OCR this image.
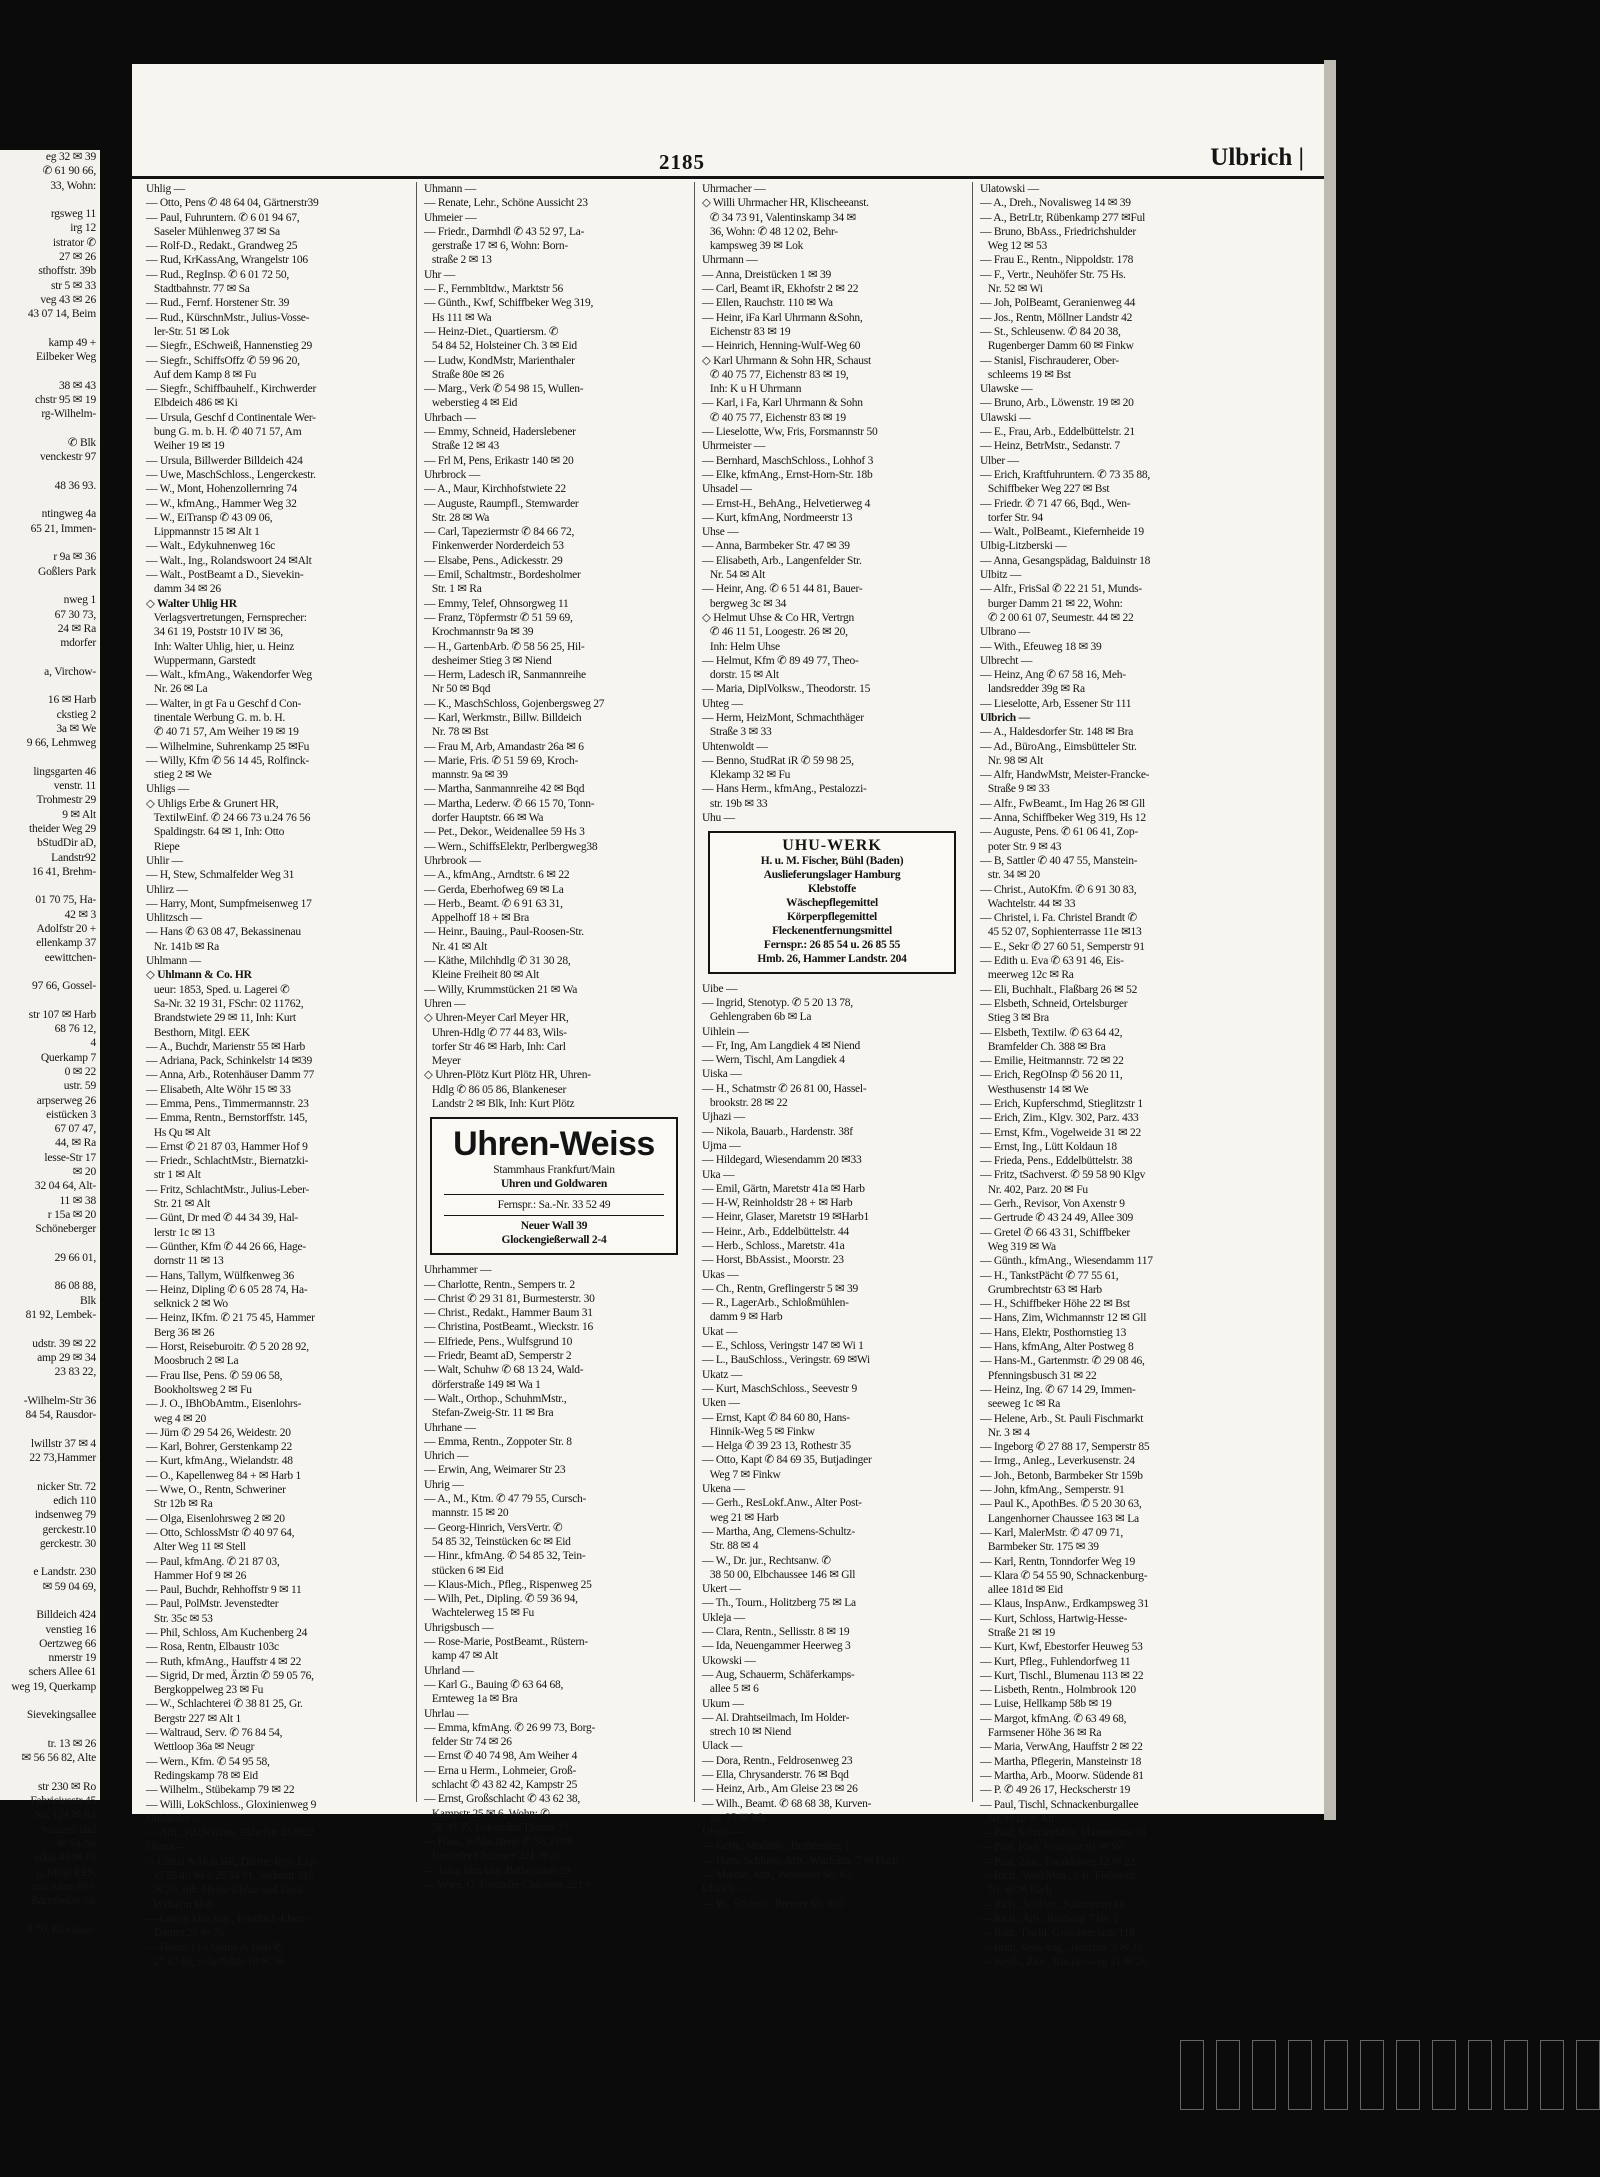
eg 32 ✉ 39
✆ 61 90 66,
33, Wohn:

rgsweg 11
irg 12
istrator ✆
27 ✉ 26
sthoffstr. 39b
str 5 ✉ 33
veg 43 ✉ 26
43 07 14, Beim

kamp 49 +
Eilbeker Weg

38 ✉ 43
chstr 95 ✉ 19
rg-Wilhelm-

✆ Blk
venckestr 97

48 36 93.

ntingweg 4a
65 21, Immen-

r 9a ✉ 36
Goßlers Park

nweg 1
67 30 73,
24 ✉ Ra
mdorfer

a, Virchow-

16 ✉ Harb
ckstieg 2
3a ✉ We
9 66, Lehmweg

lingsgarten 46
venstr. 11
Trohmestr 29
9 ✉ Alt
theider Weg 29
bStudDir aD,
Landstr92
16 41, Brehm-

01 70 75, Ha-
42 ✉ 3
Adolfstr 20 +
ellenkamp 37
eewittchen-

97 66, Gossel-

str 107 ✉ Harb
68 76 12,
4
Querkamp 7
0 ✉ 22
ustr. 59
arpserweg 26
eistücken 3
67 07 47,
44, ✉ Ra
lesse-Str 17
✉ 20
32 04 64, Alt-
11 ✉ 38
r 15a ✉ 20
Schöneberger

29 66 01,

86 08 88,
Blk
81 92, Lembek-

udstr. 39 ✉ 22
amp 29 ✉ 34
23 83 22,

-Wilhelm-Str 36
84 54, Rausdor-

lwillstr 37 ✉ 4
22 73,Hammer

nicker Str. 72
edich 110
indsenweg 79
gerckestr.10
gerckestr. 30

e Landstr. 230
✉ 59 04 69,

Billdeich 424
venstieg 16
Oertzweg 66
nmerstr 19
schers Allee 61
weg 19, Querkamp

Sievekingsallee

tr. 13 ✉ 26
✉ 56 56 82, Alte

str 230 ✉ Ro
Fabriciusstr 45
Str. 124 ✉ Ra
Stauerei und
✉ Sa-Nr
orkat 43 ✉ 19
g, Mitgl EEK
ens Allee 49 +
Barmbeker Str

8 70, Elbchaus-
2185	Ulbrich |
Uhlig —
— Otto, Pens ✆ 48 64 04, Gärtnerstr39
— Paul, Fuhruntern. ✆ 6 01 94 67,
Saseler Mühlenweg 37 ✉ Sa
— Rolf-D., Redakt., Grandweg 25
— Rud, KrKassAng, Wrangelstr 106
— Rud., RegInsp. ✆ 6 01 72 50,
Stadtbahnstr. 77 ✉ Sa
— Rud., Fernf. Horstener Str. 39
— Rud., KürschnMstr., Julius-Vosse-
ler-Str. 51 ✉ Lok
— Siegfr., ESchweiß, Hannenstieg 29
— Siegfr., SchiffsOffz ✆ 59 96 20,
Auf dem Kamp 8 ✉ Fu
— Siegfr., Schiffbauhelf., Kirchwerder
Elbdeich 486 ✉ Ki
— Ursula, Geschf d Continentale Wer-
bung G. m. b. H. ✆ 40 71 57, Am
Weiher 19 ✉ 19
— Ursula, Billwerder Billdeich 424
— Uwe, MaschSchloss., Lengerckestr.
— W., Mont, Hohenzollernring 74
— W., kfmAng., Hammer Weg 32
— W., EiTransp ✆ 43 09 06,
Lippmannstr 15 ✉ Alt 1
— Walt., Edykuhnenweg 16c
— Walt., Ing., Rolandswoort 24 ✉Alt
— Walt., PostBeamt a D., Sievekin-
damm 34 ✉ 26
◇ Walter Uhlig HR
Verlagsvertretungen, Fernsprecher:
34 61 19, Poststr 10 IV ✉ 36,
Inh: Walter Uhlig, hier, u. Heinz
Wuppermann, Garstedt
— Walt., kfmAng., Wakendorfer Weg
Nr. 26 ✉ La
— Walter, in gt Fa u Geschf d Con-
tinentale Werbung G. m. b. H.
✆ 40 71 57, Am Weiher 19 ✉ 19
— Wilhelmine, Suhrenkamp 25 ✉Fu
— Willy, Kfm ✆ 56 14 45, Rolfinck-
stieg 2 ✉ We
Uhligs —
◇ Uhligs Erbe & Grunert HR,
TextilwEinf. ✆ 24 66 73 u.24 76 56
Spaldingstr. 64 ✉ 1, Inh: Otto
Riepe
Uhlir —
— H, Stew, Schmalfelder Weg 31
Uhlirz —
— Harry, Mont, Sumpfmeisenweg 17
Uhlitzsch —
— Hans ✆ 63 08 47, Bekassinenau
Nr. 141b ✉ Ra
Uhlmann —
◇ Uhlmann & Co. HR
ueur: 1853, Sped. u. Lagerei ✆
Sa-Nr. 32 19 31, FSchr: 02 11762,
Brandstwiete 29 ✉ 11, Inh: Kurt
Besthorn, Mitgl. EEK
— A., Buchdr, Marienstr 55 ✉ Harb
— Adriana, Pack, Schinkelstr 14 ✉39
— Anna, Arb., Rotenhäuser Damm 77
— Elisabeth, Alte Wöhr 15 ✉ 33
— Emma, Pens., Timmermannstr. 23
— Emma, Rentn., Bernstorffstr. 145,
Hs Qu ✉ Alt
— Ernst ✆ 21 87 03, Hammer Hof 9
— Friedr., SchlachtMstr., Biernatzki-
str 1 ✉ Alt
— Fritz, SchlachtMstr., Julius-Leber-
Str. 21 ✉ Alt
— Günt, Dr med ✆ 44 34 39, Hal-
lerstr 1c ✉ 13
— Günther, Kfm ✆ 44 26 66, Hage-
dornstr 11 ✉ 13
— Hans, Tallym, Wülfkenweg 36
— Heinz, Dipling ✆ 6 05 28 74, Ha-
selknick 2 ✉ Wo
— Heinz, IKfm. ✆ 21 75 45, Hammer
Berg 36 ✉ 26
— Horst, Reiseburoitr. ✆ 5 20 28 92,
Moosbruch 2 ✉ La
— Frau Ilse, Pens. ✆ 59 06 58,
Bookholtsweg 2 ✉ Fu
— J. O., IBhObAmtm., Eisenlohrs-
weg 4 ✉ 20
— Jürn ✆ 29 54 26, Weidestr. 20
— Karl, Bohrer, Gerstenkamp 22
— Kurt, kfmAng., Wielandstr. 48
— O., Kapellenweg 84 + ✉ Harb 1
— Wwe, O., Rentn, Schweriner
Str 12b ✉ Ra
— Olga, Eisenlohrsweg 2 ✉ 20
— Otto, SchlossMstr ✆ 40 97 64,
Alter Weg 11 ✉ Stell
— Paul, kfmAng. ✆ 21 87 03,
Hammer Hof 9 ✉ 26
— Paul, Buchdr, Rehhoffstr 9 ✉ 11
— Paul, PolMstr. Jevenstedter
Str. 35c ✉ 53
— Phil, Schloss, Am Kuchenberg 24
— Rosa, Rentn, Elbaustr 103c
— Ruth, kfmAng., Hauffstr 4 ✉ 22
— Sigrid, Dr med, Ärztin ✆ 59 05 76,
Bergkoppelweg 23 ✉ Fu
— W., Schlachterei ✆ 38 81 25, Gr.
Bergstr 227 ✉ Alt 1
— Waltraud, Serv. ✆ 76 84 54,
Wettloop 36a ✉ Neugr
— Wern., Kfm. ✆ 54 95 58,
Redingskamp 78 ✉ Eid
— Wilhelm., Stübekamp 79 ✉ 22
— Willi, LokSchloss., Gloxinienweg 9
Uhlshöfer —
— Alfr., KfzSchloss, Ekhofstr 43 ✉22
Uhma —
◇ Uhma & Hoh HR, Därme-Imp. Exp.
✆ 25 40 94 u 25 34 91, Süderstr 315
✉ 26, Inh: Heinz Uhma und Ernst
Wilhelm Hoh
— Georg, kfmAng., Friedrich-Ebert-
Damm 26 ✉ 70
— Heinz, i Fa Uhma & Hoh ✆
27 87 69, Scheffelstr 10 ✉ 39
Uhmann —
— Renate, Lehr., Schöne Aussicht 23
Uhmeier —
— Friedr., Darmhdl ✆ 43 52 97, La-
gerstraße 17 ✉ 6, Wohn: Born-
straße 2 ✉ 13
Uhr —
— F., Fernmbltdw., Marktstr 56
— Günth., Kwf, Schiffbeker Weg 319,
Hs 111 ✉ Wa
— Heinz-Diet., Quartiersm. ✆
54 84 52, Holsteiner Ch. 3 ✉ Eid
— Ludw, KondMstr, Marienthaler
Straße 80e ✉ 26
— Marg., Verk ✆ 54 98 15, Wullen-
weberstieg 4 ✉ Eid
Uhrbach —
— Emmy, Schneid, Haderslebener
Straße 12 ✉ 43
— Frl M, Pens, Erikastr 140 ✉ 20
Uhrbrock —
— A., Maur, Kirchhofstwiete 22
— Auguste, Raumpfl., Stemwarder
Str. 28 ✉ Wa
— Carl, Tapeziermstr ✆ 84 66 72,
Finkenwerder Norderdeich 53
— Elsabe, Pens., Adickesstr. 29
— Emil, Schaltmstr., Bordesholmer
Str. 1 ✉ Ra
— Emmy, Telef, Ohnsorgweg 11
— Franz, Töpfermstr ✆ 51 59 69,
Krochmannstr 9a ✉ 39
— H., GartenbArb. ✆ 58 56 25, Hil-
desheimer Stieg 3 ✉ Niend
— Herm, Ladesch iR, Sanmannreihe
Nr 50 ✉ Bqd
— K., MaschSchloss, Gojenbergsweg 27
— Karl, Werkmstr., Billw. Billdeich
Nr. 78 ✉ Bst
— Frau M, Arb, Amandastr 26a ✉ 6
— Marie, Fris. ✆ 51 59 69, Kroch-
mannstr. 9a ✉ 39
— Martha, Sanmannreihe 42 ✉ Bqd
— Martha, Lederw. ✆ 66 15 70, Tonn-
dorfer Hauptstr. 66 ✉ Wa
— Pet., Dekor., Weidenallee 59 Hs 3
— Wern., SchiffsElektr, Perlbergweg38
Uhrbrook —
— A., kfmAng., Arndtstr. 6 ✉ 22
— Gerda, Eberhofweg 69 ✉ La
— Herb., Beamt. ✆ 6 91 63 31,
Appelhoff 18 + ✉ Bra
— Heinr., Bauing., Paul-Roosen-Str.
Nr. 41 ✉ Alt
— Käthe, Milchhdlg ✆ 31 30 28,
Kleine Freiheit 80 ✉ Alt
— Willy, Krummstücken 21 ✉ Wa
Uhren —
◇ Uhren-Meyer Carl Meyer HR,
Uhren-Hdlg ✆ 77 44 83, Wils-
torfer Str 46 ✉ Harb, Inh: Carl
Meyer
◇ Uhren-Plötz Kurt Plötz HR, Uhren-
Hdlg ✆ 86 05 86, Blankeneser
Landstr 2 ✉ Blk, Inh: Kurt Plötz
Uhren-Weiss
Stammhaus Frankfurt/Main
Uhren und Goldwaren
Fernspr.: Sa.-Nr. 33 52 49
Neuer Wall 39
Glockengießerwall 2-4
Uhrhammer —
— Charlotte, Rentn., Sempers tr. 2
— Christ ✆ 29 31 81, Burmesterstr. 30
— Christ., Redakt., Hammer Baum 31
— Christina, PostBeamt., Wieckstr. 16
— Elfriede, Pens., Wulfsgrund 10
— Friedr, Beamt aD, Semperstr 2
— Walt, Schuhw ✆ 68 13 24, Wald-
dörferstraße 149 ✉ Wa 1
— Walt., Orthop., SchuhmMstr.,
Stefan-Zweig-Str. 11 ✉ Bra
Uhrhane —
— Emma, Rentn., Zoppoter Str. 8
Uhrich —
— Erwin, Ang, Weimarer Str 23
Uhrig —
— A., M., Ktm. ✆ 47 79 55, Cursch-
mannstr. 15 ✉ 20
— Georg-Hinrich, VersVertr. ✆
54 85 32, Teinstücken 6c ✉ Eid
— Hinr., kfmAng. ✆ 54 85 32, Tein-
stücken 6 ✉ Eid
— Klaus-Mich., Pfleg., Rispenweg 25
— Wilh, Pet., Dipling. ✆ 59 36 94,
Wachtelerweg 15 ✉ Fu
Uhrigsbusch —
— Rose-Marie, PostBeamt., Rüstern-
kamp 47 ✉ Alt
Uhrland —
— Karl G., Bauing ✆ 63 64 68,
Ernteweg 1a ✉ Bra
Uhrlau —
— Emma, kfmAng. ✆ 26 99 73, Borg-
felder Str 74 ✉ 26
— Ernst ✆ 40 74 98, Am Weiher 4
— Erna u Herm., Lohmeier, Groß-
schlacht ✆ 43 82 42, Kampstr 25
— Ernst, Großschlacht ✆ 43 62 38,
Kampstr 25 ✉ 6, Wohn: ✆
58 39 35, Lokstedter Damm 27
— Hans, Schlachterei ✆ 58 23 09,
Borsteler Chaussee 221 ✉ 20
— Jutta, kfmAng. Bethesdastr 29
— Wwe, O, Borsteler Chaussee 221 +
Uhrmacher —
◇ Willi Uhrmacher HR, Klischeeanst.
✆ 34 73 91, Valentinskamp 34 ✉
36, Wohn: ✆ 48 12 02, Behr-
kampsweg 39 ✉ Lok
Uhrmann —
— Anna, Dreistücken 1 ✉ 39
— Carl, Beamt iR, Ekhofstr 2 ✉ 22
— Ellen, Rauchstr. 110 ✉ Wa
— Heinr, iFa Karl Uhrmann &Sohn,
Eichenstr 83 ✉ 19
— Heinrich, Henning-Wulf-Weg 60
◇ Karl Uhrmann & Sohn HR, Schaust
✆ 40 75 77, Eichenstr 83 ✉ 19,
Inh: K u H Uhrmann
— Karl, i Fa, Karl Uhrmann & Sohn
✆ 40 75 77, Eichenstr 83 ✉ 19
— Lieselotte, Ww, Fris, Forsmannstr 50
Uhrmeister —
— Bernhard, MaschSchloss., Lohhof 3
— Elke, kfmAng., Ernst-Horn-Str. 18b
Uhsadel —
— Ernst-H., BehAng., Helvetierweg 4
— Kurt, kfmAng, Nordmeerstr 13
Uhse —
— Anna, Barmbeker Str. 47 ✉ 39
— Elisabeth, Arb., Langenfelder Str.
Nr. 54 ✉ Alt
— Heinr, Ang. ✆ 6 51 44 81, Bauer-
bergweg 3c ✉ 34
◇ Helmut Uhse & Co HR, Vertrgn
✆ 46 11 51, Loogestr. 26 ✉ 20,
Inh: Helm Uhse
— Helmut, Kfm ✆ 89 49 77, Theo-
dorstr. 15 ✉ Alt
— Maria, DiplVolksw., Theodorstr. 15
Uhteg —
— Herm, HeizMont, Schmachthäger
Straße 3 ✉ 33
Uhtenwoldt —
— Benno, StudRat iR ✆ 59 98 25,
Klekamp 32 ✉ Fu
— Hans Herm., kfmAng., Pestalozzi-
str. 19b ✉ 33
Uhu —
UHU-WERK
H. u. M. Fischer, Bühl (Baden)
Auslieferungslager Hamburg
Klebstoffe
Wäschepflegemittel
Körperpflegemittel
Fleckenentfernungsmittel
Fernspr.: 26 85 54 u. 26 85 55
Hmb. 26, Hammer Landstr. 204
Uibe —
— Ingrid, Stenotyp. ✆ 5 20 13 78,
Gehlengraben 6b ✉ La
Uihlein —
— Fr, Ing, Am Langdiek 4 ✉ Niend
— Wern, Tischl, Am Langdiek 4
Uiska —
— H., Schatmstr ✆ 26 81 00, Hassel-
brookstr. 28 ✉ 22
Ujhazi —
— Nikola, Bauarb., Hardenstr. 38f
Ujma —
— Hildegard, Wiesendamm 20 ✉33
Uka —
— Emil, Gärtn, Maretstr 41a ✉ Harb
— H-W, Reinholdstr 28 + ✉ Harb
— Heinr, Glaser, Maretstr 19 ✉Harb1
— Heinr., Arb., Eddelbüttelstr. 44
— Herb., Schloss., Maretstr. 41a
— Horst, BbAssist., Moorstr. 23
Ukas —
— Ch., Rentn, Greflingerstr 5 ✉ 39
— R., LagerArb., Schloßmühlen-
damm 9 ✉ Harb
Ukat —
— E., Schloss, Veringstr 147 ✉ Wi 1
— L., BauSchloss., Veringstr. 69 ✉Wi
Ukatz —
— Kurt, MaschSchloss., Seevestr 9
Uken —
— Ernst, Kapt ✆ 84 60 80, Hans-
Hinnik-Weg 5 ✉ Finkw
— Helga ✆ 39 23 13, Rothestr 35
— Otto, Kapt ✆ 84 69 35, Butjadinger
Weg 7 ✉ Finkw
Ukena —
— Gerh., ResLokf.Anw., Alter Post-
weg 21 ✉ Harb
— Martha, Ang, Clemens-Schultz-
Str. 88 ✉ 4
— W., Dr. jur., Rechtsanw. ✆
38 50 00, Elbchaussee 146 ✉ Gll
Ukert —
— Th., Tourn., Holitzberg 75 ✉ La
Ukleja —
— Clara, Rentn., Sellisstr. 8 ✉ 19
— Ida, Neuengammer Heerweg 3
Ukowski —
— Aug, Schauerm, Schäferkamps-
allee 5 ✉ 6
Ukum —
— Al. Drahtseilmach, Im Holder-
strech 10 ✉ Niend
Ulack —
— Dora, Rentn., Feldrosenweg 23
— Ella, Chrysanderstr. 76 ✉ Bqd
— Heinz, Arb., Am Gleise 23 ✉ 26
— Wilh., Beamt. ✆ 68 68 38, Kurven-
str. 35 ✉ Wa
Ulaga —
— Gerh., Modellb., Berberstieg 1
— Hans, Schloss., Arb., Würfelstr. 7 ✉ Harb
— Martha, Arb., Weimarer Str. 63
Ularich —
— W., Schloss., Bremer Str. 105
Ulatowski —
— A., Dreh., Novalisweg 14 ✉ 39
— A., BetrLtr, Rübenkamp 277 ✉Ful
— Bruno, BbAss., Friedrichshulder
Weg 12 ✉ 53
— Frau E., Rentn., Nippoldstr. 178
— F., Vertr., Neuhöfer Str. 75 Hs.
Nr. 52 ✉ Wi
— Joh, PolBeamt, Geranienweg 44
— Jos., Rentn, Möllner Landstr 42
— St., Schleusenw. ✆ 84 20 38,
Rugenberger Damm 60 ✉ Finkw
— Stanisl, Fischrauderer, Ober-
schleems 19 ✉ Bst
Ulawske —
— Bruno, Arb., Löwenstr. 19 ✉ 20
Ulawski —
— E., Frau, Arb., Eddelbüttelstr. 21
— Heinz, BetrMstr., Sedanstr. 7
Ulber —
— Erich, Kraftfuhruntern. ✆ 73 35 88,
Schiffbeker Weg 227 ✉ Bst
— Friedr. ✆ 71 47 66, Bqd., Wen-
torfer Str. 94
— Walt., PolBeamt., Kiefernheide 19
Ulbig-Litzberski —
— Anna, Gesangspädag, Balduinstr 18
Ulbitz —
— Alfr., FrisSal ✆ 22 21 51, Munds-
burger Damm 21 ✉ 22, Wohn:
✆ 2 00 61 07, Seumestr. 44 ✉ 22
Ulbrano —
— With., Efeuweg 18 ✉ 39
Ulbrecht —
— Heinz, Ang ✆ 67 58 16, Meh-
landsredder 39g ✉ Ra
— Lieselotte, Arb, Essener Str 111
Ulbrich —
— A., Haldesdorfer Str. 148 ✉ Bra
— Ad., BüroAng., Eimsbütteler Str.
Nr. 98 ✉ Alt
— Alfr, HandwMstr, Meister-Francke-
Straße 9 ✉ 33
— Alfr., FwBeamt., Im Hag 26 ✉ Gll
— Anna, Schiffbeker Weg 319, Hs 12
— Auguste, Pens. ✆ 61 06 41, Zop-
poter Str. 9 ✉ 43
— B, Sattler ✆ 40 47 55, Manstein-
str. 34 ✉ 20
— Christ., AutoKfm. ✆ 6 91 30 83,
Wachtelstr. 44 ✉ 33
— Christel, i. Fa. Christel Brandt ✆
45 52 07, Sophienterrasse 11e ✉13
— E., Sekr ✆ 27 60 51, Semperstr 91
— Edith u. Eva ✆ 63 91 46, Eis-
meerweg 12c ✉ Ra
— Eli, Buchhalt., Flaßbarg 26 ✉ 52
— Elsbeth, Schneid, Ortelsburger
Stieg 3 ✉ Bra
— Elsbeth, Textilw. ✆ 63 64 42,
Bramfelder Ch. 388 ✉ Bra
— Emilie, Heitmannstr. 72 ✉ 22
— Erich, RegOInsp ✆ 56 20 11,
Westhusenstr 14 ✉ We
— Erich, Kupferschmd, Stieglitzstr 1
— Erich, Zim., Klgv. 302, Parz. 433
— Ernst, Kfm., Vogelweide 31 ✉ 22
— Ernst, Ing., Lütt Koldaun 18
— Frieda, Pens., Eddelbüttelstr. 38
— Fritz, tSachverst. ✆ 59 58 90 Klgv
Nr. 402, Parz. 20 ✉ Fu
— Gerh., Revisor, Von Axenstr 9
— Gertrude ✆ 43 24 49, Allee 309
— Gretel ✆ 66 43 31, Schiffbeker
Weg 319 ✉ Wa
— Günth., kfmAng., Wiesendamm 117
— H., TankstPächt ✆ 77 55 61,
Grumbrechtstr 63 ✉ Harb
— H., Schiffbeker Höhe 22 ✉ Bst
— Hans, Zim, Wichmannstr 12 ✉ Gll
— Hans, Elektr, Posthornstieg 13
— Hans, kfmAng, Alter Postweg 8
— Hans-M., Gartenmstr. ✆ 29 08 46,
Pfenningsbusch 31 ✉ 22
— Heinz, Ing. ✆ 67 14 29, Immen-
seeweg 1c ✉ Ra
— Helene, Arb., St. Pauli Fischmarkt
Nr. 3 ✉ 4
— Ingeborg ✆ 27 88 17, Semperstr 85
— Irmg., Anleg., Leverkusenstr. 24
— Joh., Betonb, Barmbeker Str 159b
— John, kfmAng., Semperstr. 91
— Paul K., ApothBes. ✆ 5 20 30 63,
Langenhorner Chaussee 163 ✉ La
— Karl, MalerMstr. ✆ 47 09 71,
Barmbeker Str. 175 ✉ 39
— Karl, Rentn, Tonndorfer Weg 19
— Klara ✆ 54 55 90, Schnackenburg-
allee 181d ✉ Eid
— Klaus, InspAnw., Erdkampsweg 31
— Kurt, Schloss, Hartwig-Hesse-
Straße 21 ✉ 19
— Kurt, Kwf, Ebestorfer Heuweg 53
— Kurt, Pfleg., Fuhlendorfweg 11
— Kurt, Tischl., Blumenau 113 ✉ 22
— Lisbeth, Rentn., Holmbrook 120
— Luise, Hellkamp 58b ✉ 19
— Margot, kfmAng. ✆ 63 49 68,
Farmsener Höhe 36 ✉ Ra
— Maria, VerwAng, Hauffstr 2 ✉ 22
— Martha, Pflegerin, Mansteinstr 18
— Martha, Arb., Moorw. Südende 81
— P. ✆ 49 26 17, Heckscherstr 19
— Paul, Tischl, Schnackenburgallee
Nr. 181d ✉ Alt
— Paul, SchuhmMstr, Mansteinstr 18
— Paul, Kwf, Veringstr 91 ✉ Wi
— Paul, Zim., Ewaldsweg 12 ✉ 22
— Rich., WerkMstr., i. R. Flebbestr.
Nr. 46 ✉ Harb
— Rich., Schloss., Käthnerort 11
— Rich., Arb., Rostweg 7 Hs. 1
— Rud., Tischl, Grumbrechtstr 118
— Ruth, VerwAng., Hauffstr. 2 ✉ 22
— Siegh., Zim., Rückersweg 21 ✉ 26
